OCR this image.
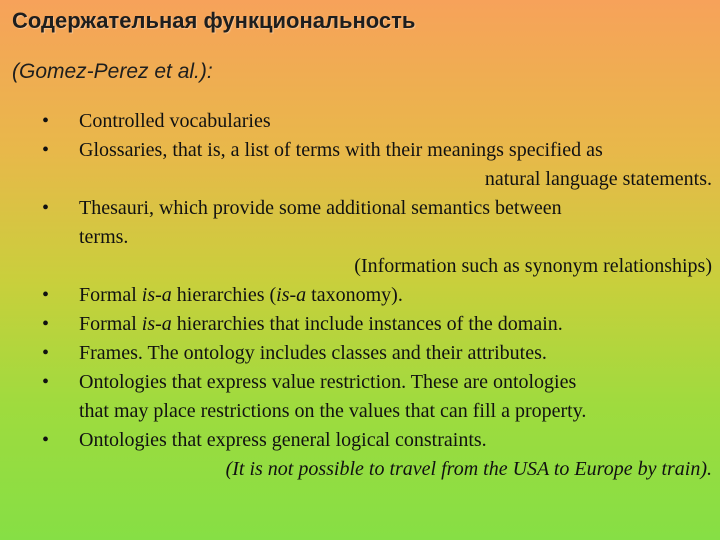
Содержательная функциональность
(Gomez-Perez et al.):
• Controlled vocabularies
• Glossaries, that is, a list of terms with their meanings specified as
natural language statements.
• Thesauri, which provide some additional semantics between
terms.
(Information such as synonym relationships)
• Formal is-a hierarchies (is-a taxonomy).
• Formal is-a hierarchies that include instances of the domain.
• Frames. The ontology includes classes and their attributes.
• Ontologies that express value restriction. These are ontologies
that may place restrictions on the values that can fill a property.
• Ontologies that express general logical constraints.
(It is not possible to travel from the USA to Europe by train).
